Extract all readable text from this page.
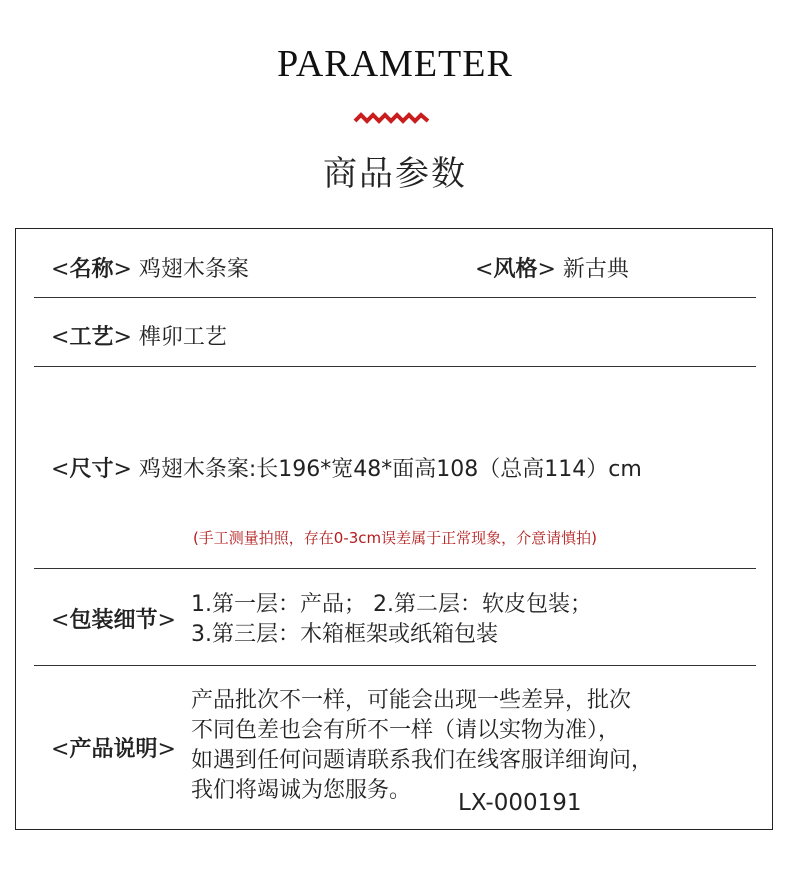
PARAMETER
商品参数
<名称> 鸡翅木条案	<风格> 新古典
<工艺> 榫卯工艺
<尺寸> 鸡翅木条案:长196*宽48*面高108（总高114）cm
(手工测量拍照，存在0-3cm误差属于正常现象，介意请慎拍)
<包装细节>
1.第一层：产品； 2.第二层：软皮包装；
3.第三层：木箱框架或纸箱包装
<产品说明>
产品批次不一样，可能会出现一些差异，批次
不同色差也会有所不一样（请以实物为准），
如遇到任何问题请联系我们在线客服详细询问，
我们将竭诚为您服务。	LX-000191
